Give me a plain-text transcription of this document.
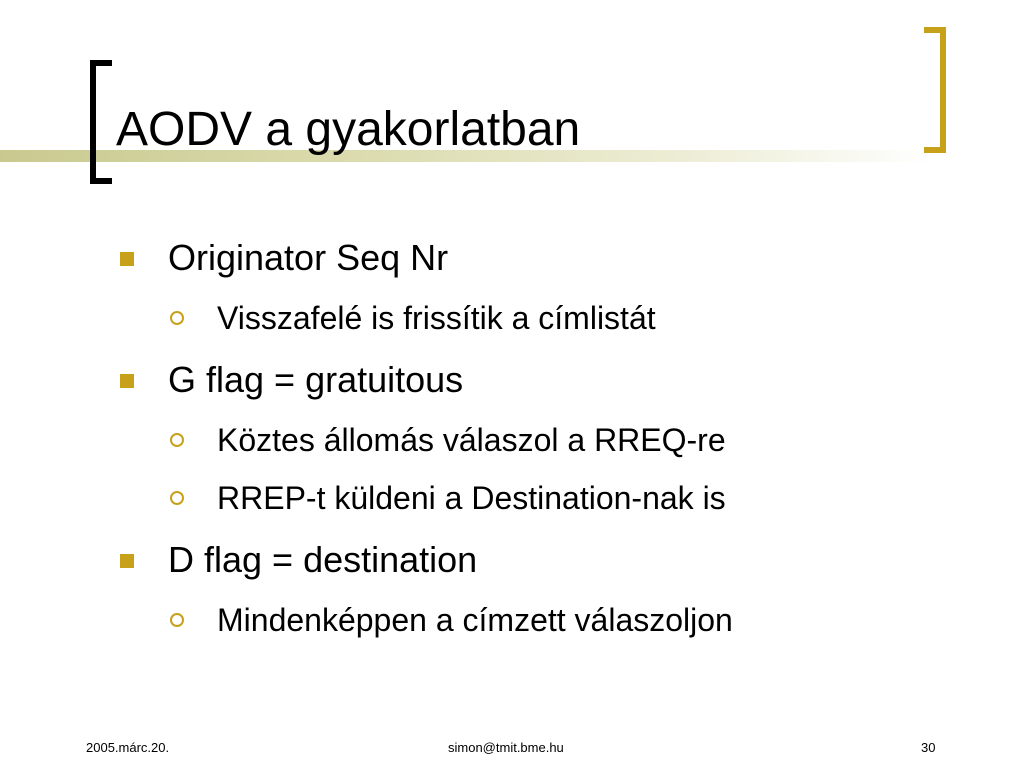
AODV a gyakorlatban
Originator Seq Nr
Visszafelé is frissítik a címlistát
G flag = gratuitous
Köztes állomás válaszol a RREQ-re
RREP-t küldeni a Destination-nak is
D flag = destination
Mindenképpen a címzett válaszoljon
2005.márc.20.	simon@tmit.bme.hu	30
